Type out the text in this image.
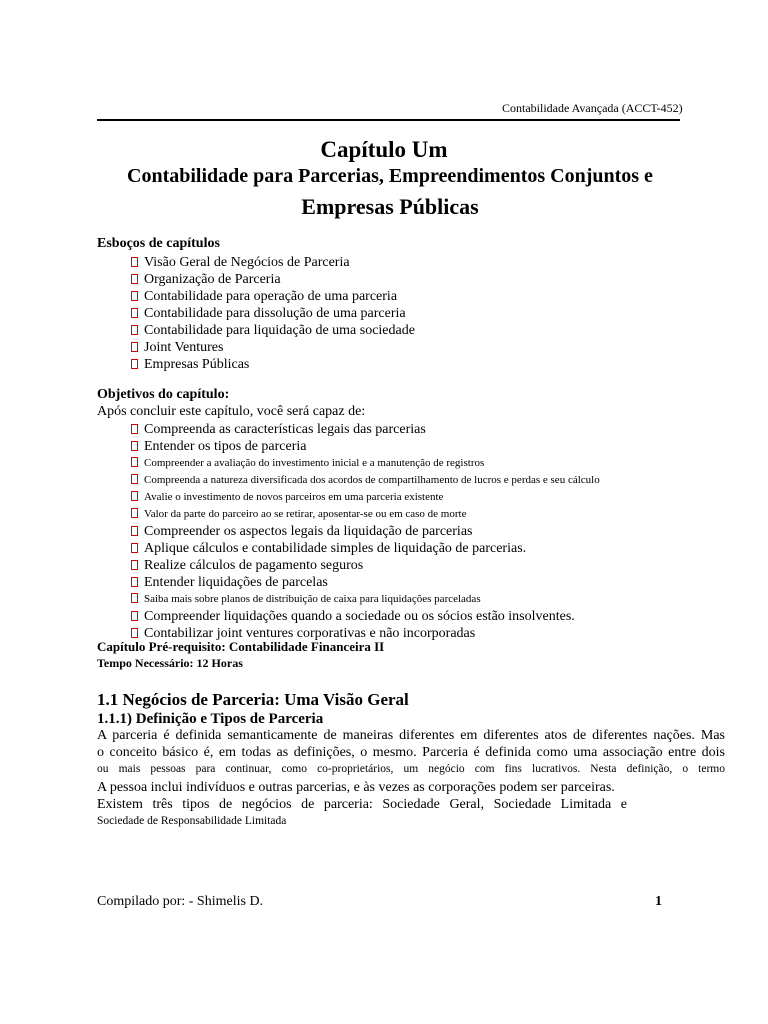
Contabilidade Avançada (ACCT-452)
Capítulo Um
Contabilidade para Parcerias, Empreendimentos Conjuntos e
Empresas Públicas
Esboços de capítulos
Visão Geral de Negócios de Parceria
Organização de Parceria
Contabilidade para operação de uma parceria
Contabilidade para dissolução de uma parceria
Contabilidade para liquidação de uma sociedade
Joint Ventures
Empresas Públicas
Objetivos do capítulo:
Após concluir este capítulo, você será capaz de:
Compreenda as características legais das parcerias
Entender os tipos de parceria
Compreender a avaliação do investimento inicial e a manutenção de registros
Compreenda a natureza diversificada dos acordos de compartilhamento de lucros e perdas e seu cálculo
Avalie o investimento de novos parceiros em uma parceria existente
Valor da parte do parceiro ao se retirar, aposentar-se ou em caso de morte
Compreender os aspectos legais da liquidação de parcerias
Aplique cálculos e contabilidade simples de liquidação de parcerias.
Realize cálculos de pagamento seguros
Entender liquidações de parcelas
Saiba mais sobre planos de distribuição de caixa para liquidações parceladas
Compreender liquidações quando a sociedade ou os sócios estão insolventes.
Contabilizar joint ventures corporativas e não incorporadas
Capítulo Pré-requisito: Contabilidade Financeira II
Tempo Necessário: 12 Horas
1.1 Negócios de Parceria: Uma Visão Geral
1.1.1) Definição e Tipos de Parceria
A parceria é definida semanticamente de maneiras diferentes em diferentes atos de diferentes nações. Mas
o conceito básico é, em todas as definições, o mesmo. Parceria é definida como uma associação entre dois
ou mais pessoas para continuar, como co-proprietários, um negócio com fins lucrativos. Nesta definição, o termo
A pessoa inclui indivíduos e outras parcerias, e às vezes as corporações podem ser parceiras.
Existem três tipos de negócios de parceria: Sociedade Geral, Sociedade Limitada e
Sociedade de Responsabilidade Limitada
Compilado por: - Shimelis D.	1
